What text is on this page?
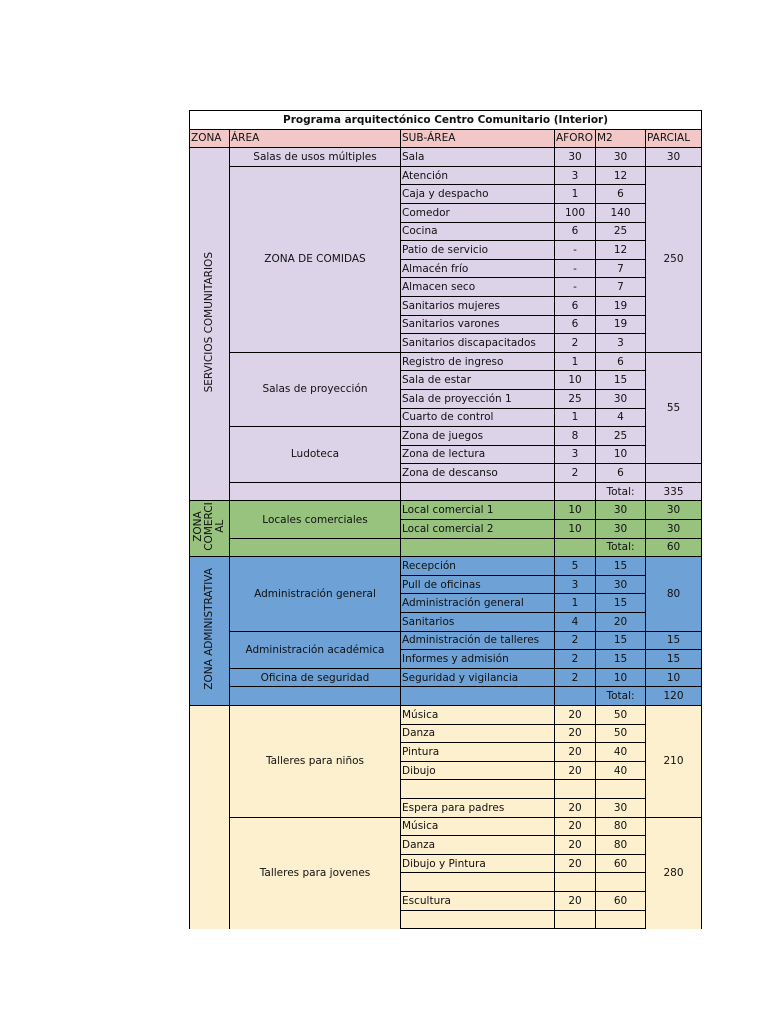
Programa arquitectónico Centro Comunitario (Interior)					
ZONA	ÁREA	SUB-ÁREA	AFORO	M2	PARCIAL
SERVICIOS COMUNITARIOS	Salas de usos múltiples	Sala	30	30	30
	ZONA DE COMIDAS	Atención	3	12	250
		Caja y despacho	1	6	
		Comedor	100	140	
		Cocina	6	25	
		Patio de servicio	-	12	
		Almacén frío	-	7	
		Almacen seco	-	7	
		Sanitarios mujeres	6	19	
		Sanitarios varones	6	19	
		Sanitarios discapacitados	2	3	
	Salas de proyección	Registro de ingreso	1	6	55
		Sala de estar	10	15	
		Sala de proyección 1	25	30	
		Cuarto de control	1	4	
	Ludoteca	Zona de juegos	8	25	
		Zona de lectura	3	10	
		Zona de descanso	2	6	
				Total:	335
ZONA COMERCI AL	Locales comerciales	Local comercial 1	10	30	30
		Local comercial 2	10	30	30
				Total:	60
ZONA ADMINISTRATIVA	Administración general	Recepción	5	15	80
		Pull de oficinas	3	30	
		Administración general	1	15	
		Sanitarios	4	20	
	Administración académica	Administración de talleres	2	15	15
		Informes y admisión	2	15	15
	Oficina de seguridad	Seguridad y vigilancia	2	10	10
				Total:	120
	Talleres para niños	Música	20	50	210
		Danza	20	50	
		Pintura	20	40	
		Dibujo	20	40	

		Espera para padres	20	30	
	Talleres para jovenes	Música	20	80	280
		Danza	20	80	
		Dibujo y Pintura	20	60	

		Escultura	20	60	
